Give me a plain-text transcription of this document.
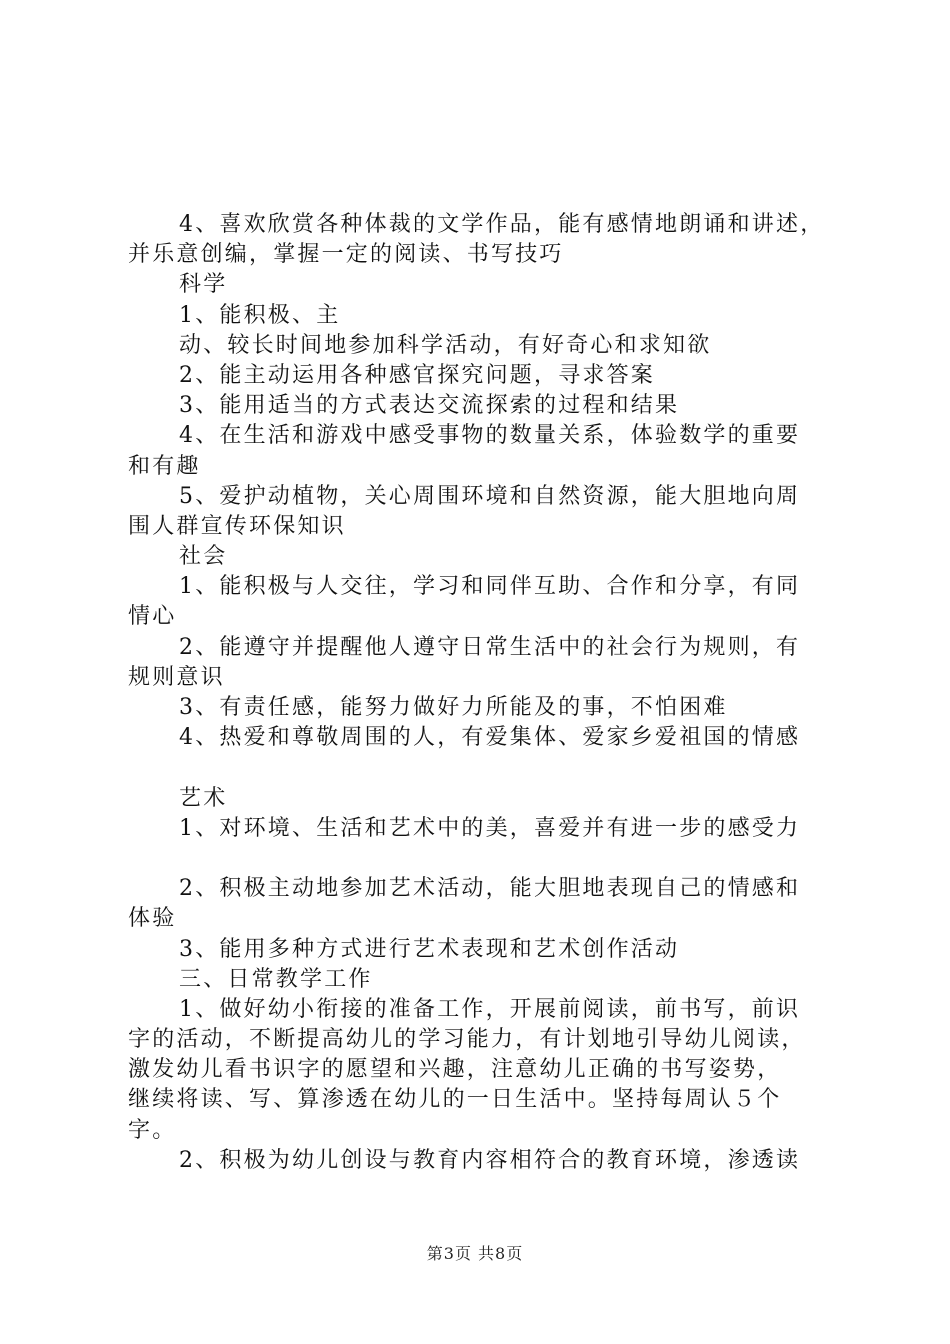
4、喜欢欣赏各种体裁的文学作品，能有感情地朗诵和讲述，
并乐意创编，掌握一定的阅读、书写技巧
科学
1、能积极、主
动、较长时间地参加科学活动，有好奇心和求知欲
2、能主动运用各种感官探究问题，寻求答案
3、能用适当的方式表达交流探索的过程和结果
4、在生活和游戏中感受事物的数量关系，体验数学的重要
和有趣
5、爱护动植物，关心周围环境和自然资源，能大胆地向周
围人群宣传环保知识
社会
1、能积极与人交往，学习和同伴互助、合作和分享，有同
情心
2、能遵守并提醒他人遵守日常生活中的社会行为规则，有
规则意识
3、有责任感，能努力做好力所能及的事，不怕困难
4、热爱和尊敬周围的人，有爱集体、爱家乡爱祖国的情感
艺术
1、对环境、生活和艺术中的美，喜爱并有进一步的感受力
2、积极主动地参加艺术活动，能大胆地表现自己的情感和
体验
3、能用多种方式进行艺术表现和艺术创作活动
三、日常教学工作
1、做好幼小衔接的准备工作，开展前阅读，前书写，前识
字的活动，不断提高幼儿的学习能力，有计划地引导幼儿阅读，
激发幼儿看书识字的愿望和兴趣，注意幼儿正确的书写姿势，
继续将读、写、算渗透在幼儿的一日生活中。坚持每周认５个
字。
2、积极为幼儿创设与教育内容相符合的教育环境，渗透读
第3页 共8页
